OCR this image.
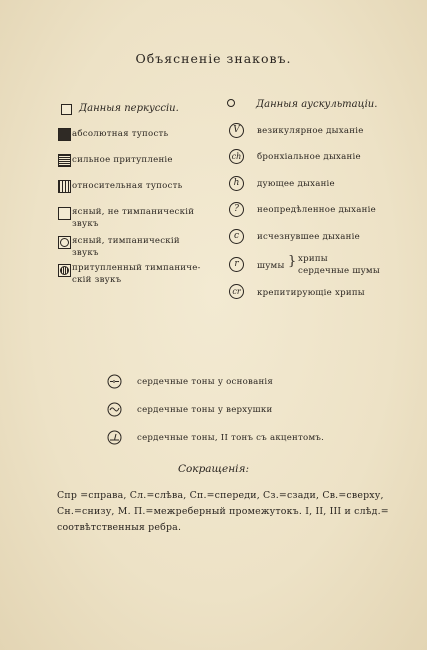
Объясненіе знаковъ.
Данныя перкуссіи.
абсолютная тупость
сильное притупленіе
относительная тупость
ясный, не тимпаническій
звукъ
ясный, тимпаническій
звукъ
притупленный тимпаниче-
скій звукъ
Данныя аускультаціи.
V	везикулярное дыханіе
ch	бронхіальное дыханіе
h	дующее дыханіе
?	неопредѣленное дыханіе
c	исчезнувшее дыханіе
r	шумы } хрипы
сердечные шумы
cr	крепитирующіе хрипы
сердечные тоны у основанія
сердечные тоны у верхушки
сердечные тоны, II тонъ съ акцентомъ.
Сокращенія:
Спр =справа, Сл.=слѣва, Сп.=спереди, Сз.=сзади, Св.=сверху,
Сн.=снизу, М. П.=межреберный промежутокъ. I, II, III и слѣд.=
соотвѣтственныя ребра.
